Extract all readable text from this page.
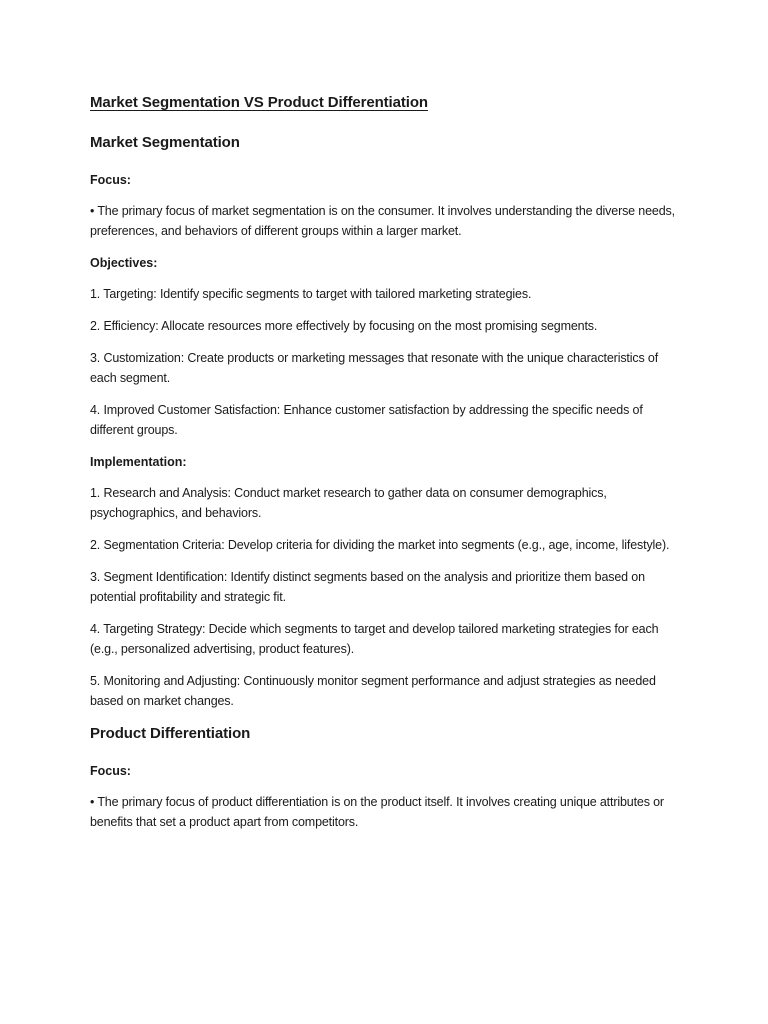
Market Segmentation VS Product Differentiation
Market Segmentation
Focus:

• The primary focus of market segmentation is on the consumer. It involves understanding the diverse needs, preferences, and behaviors of different groups within a larger market.

Objectives:

1. Targeting: Identify specific segments to target with tailored marketing strategies.

2. Efficiency: Allocate resources more effectively by focusing on the most promising segments.

3. Customization: Create products or marketing messages that resonate with the unique characteristics of each segment.

4. Improved Customer Satisfaction: Enhance customer satisfaction by addressing the specific needs of different groups.

Implementation:

1. Research and Analysis: Conduct market research to gather data on consumer demographics, psychographics, and behaviors.

2. Segmentation Criteria: Develop criteria for dividing the market into segments (e.g., age, income, lifestyle).

3. Segment Identification: Identify distinct segments based on the analysis and prioritize them based on potential profitability and strategic fit.

4. Targeting Strategy: Decide which segments to target and develop tailored marketing strategies for each (e.g., personalized advertising, product features).

5. Monitoring and Adjusting: Continuously monitor segment performance and adjust strategies as needed based on market changes.

Product Differentiation
Focus:

• The primary focus of product differentiation is on the product itself. It involves creating unique attributes or benefits that set a product apart from competitors.
